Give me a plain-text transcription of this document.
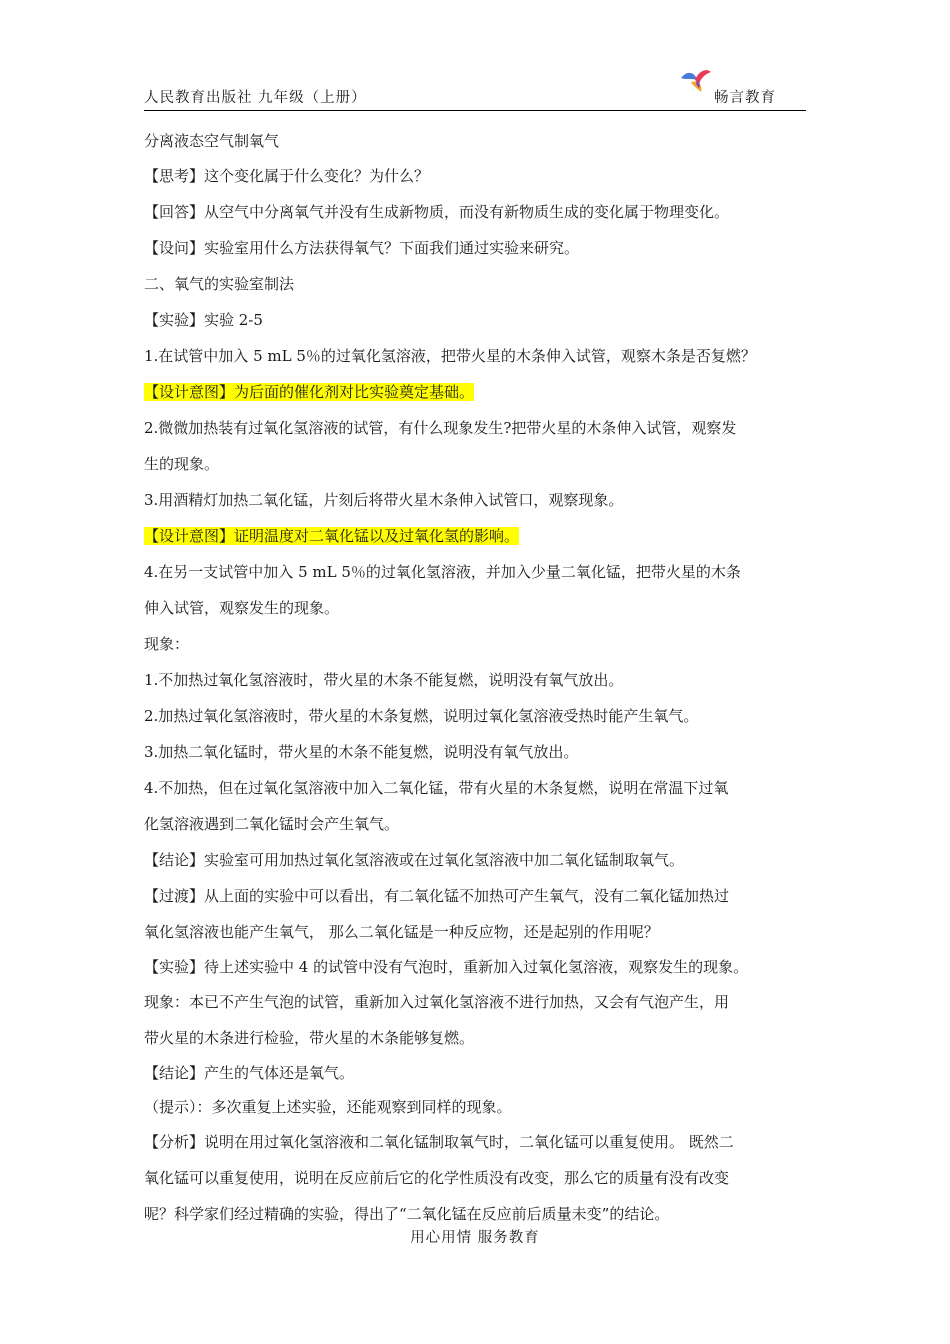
人民教育出版社 九年级（上册）	畅言教育

分离液态空气制氧气

【思考】这个变化属于什么变化？为什么？

【回答】从空气中分离氧气并没有生成新物质，而没有新物质生成的变化属于物理变化。

【设问】实验室用什么方法获得氧气？下面我们通过实验来研究。

二、氧气的实验室制法

【实验】实验 2-5

1.在试管中加入 5 mL 5％的过氧化氢溶液，把带火星的木条伸入试管，观察木条是否复燃？

【设计意图】为后面的催化剂对比实验奠定基础。

2.微微加热装有过氧化氢溶液的试管，有什么现象发生?把带火星的木条伸入试管，观察发

生的现象。

3.用酒精灯加热二氧化锰，片刻后将带火星木条伸入试管口，观察现象。

【设计意图】证明温度对二氧化锰以及过氧化氢的影响。

4.在另一支试管中加入 5 mL 5％的过氧化氢溶液，并加入少量二氧化锰，把带火星的木条

伸入试管，观察发生的现象。

现象：

1.不加热过氧化氢溶液时，带火星的木条不能复燃，说明没有氧气放出。

2.加热过氧化氢溶液时，带火星的木条复燃，说明过氧化氢溶液受热时能产生氧气。

3.加热二氧化锰时，带火星的木条不能复燃，说明没有氧气放出。

4.不加热，但在过氧化氢溶液中加入二氧化锰，带有火星的木条复燃，说明在常温下过氧

化氢溶液遇到二氧化锰时会产生氧气。

【结论】实验室可用加热过氧化氢溶液或在过氧化氢溶液中加二氧化锰制取氧气。

【过渡】从上面的实验中可以看出，有二氧化锰不加热可产生氧气，没有二氧化锰加热过

氧化氢溶液也能产生氧气， 那么二氧化锰是一种反应物，还是起别的作用呢？

【实验】待上述实验中 4 的试管中没有气泡时，重新加入过氧化氢溶液，观察发生的现象。

现象：本已不产生气泡的试管，重新加入过氧化氢溶液不进行加热，又会有气泡产生，用

带火星的木条进行检验，带火星的木条能够复燃。

【结论】产生的气体还是氧气。

（提示）：多次重复上述实验，还能观察到同样的现象。

【分析】说明在用过氧化氢溶液和二氧化锰制取氧气时，二氧化锰可以重复使用。 既然二

氧化锰可以重复使用，说明在反应前后它的化学性质没有改变，那么它的质量有没有改变

呢？科学家们经过精确的实验，得出了“二氧化锰在反应前后质量未变”的结论。

用心用情 服务教育
